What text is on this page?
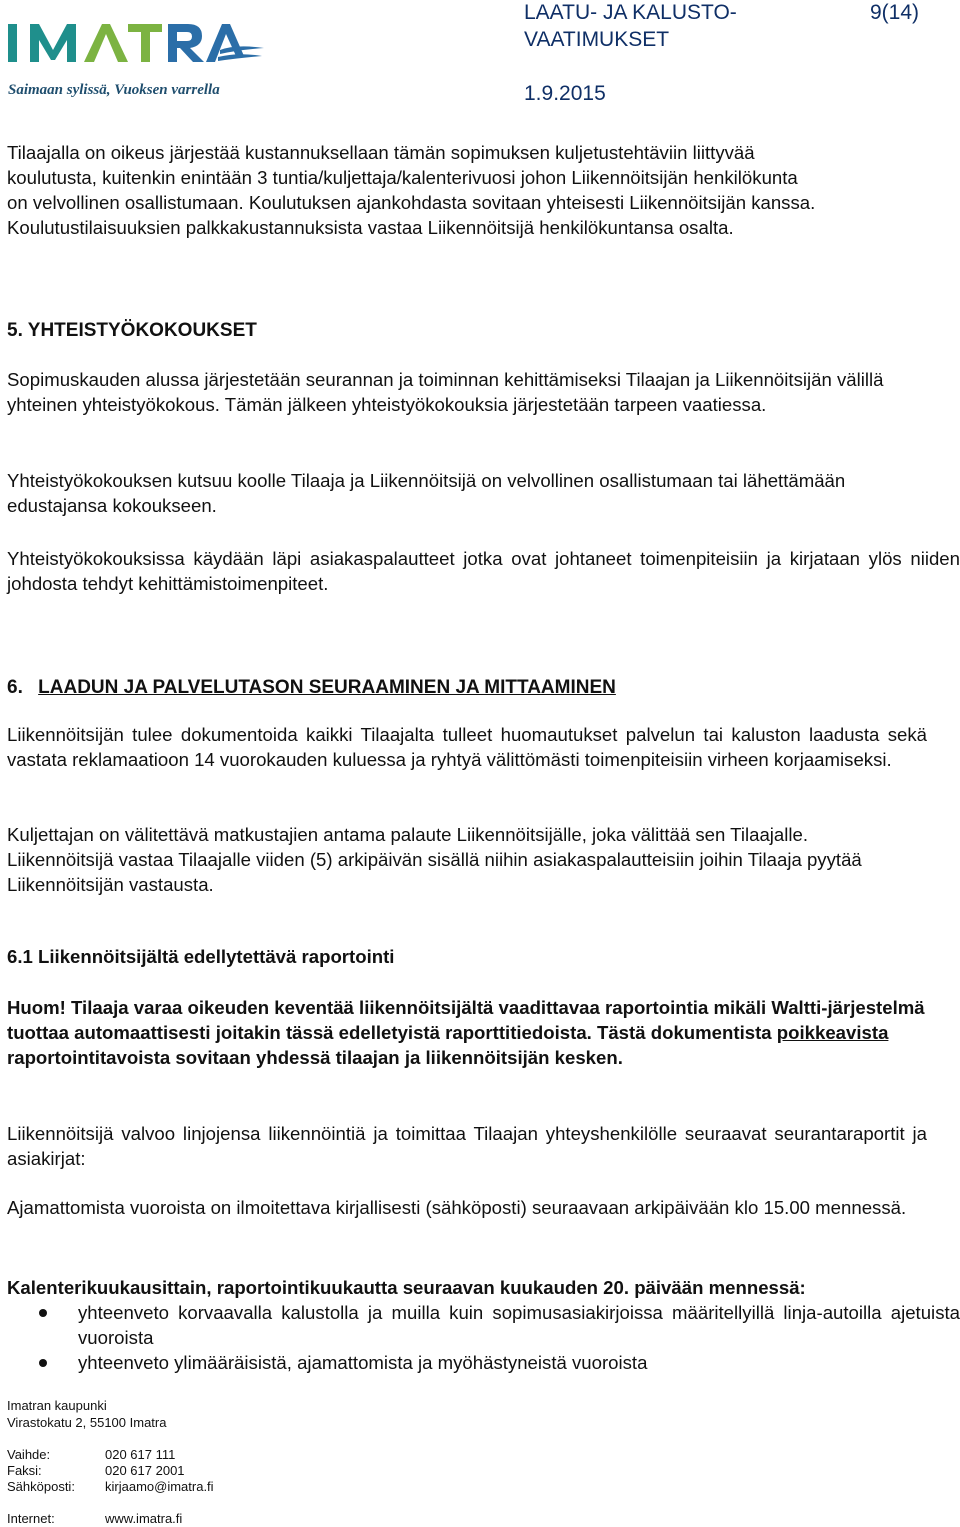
Saimaan sylissä, Vuoksen varrella
LAATU- JA KALUSTO-
VAATIMUKSET
1.9.2015
9(14)
Tilaajalla on oikeus järjestää kustannuksellaan tämän sopimuksen kuljetustehtäviin liittyvää
koulutusta, kuitenkin enintään 3 tuntia/kuljettaja/kalenterivuosi johon Liikennöitsijän henkilökunta
on velvollinen osallistumaan. Koulutuksen ajankohdasta sovitaan yhteisesti Liikennöitsijän kanssa.
Koulutustilaisuuksien palkkakustannuksista vastaa Liikennöitsijä henkilökuntansa osalta.
5. YHTEISTYÖKOKOUKSET
Sopimuskauden alussa järjestetään seurannan ja toiminnan kehittämiseksi Tilaajan ja Liikennöitsijän välillä yhteinen yhteistyökokous. Tämän jälkeen yhteistyökokouksia järjestetään tarpeen vaatiessa.
Yhteistyökokouksen kutsuu koolle Tilaaja ja Liikennöitsijä on velvollinen osallistumaan tai lähettämään edustajansa kokoukseen.
Yhteistyökokouksissa käydään läpi asiakaspalautteet jotka ovat johtaneet toimenpiteisiin ja kirjataan ylös niiden johdosta tehdyt kehittämistoimenpiteet.
6. LAADUN JA PALVELUTASON SEURAAMINEN JA MITTAAMINEN
Liikennöitsijän tulee dokumentoida kaikki Tilaajalta tulleet huomautukset palvelun tai kaluston laadusta sekä vastata reklamaatioon 14 vuorokauden kuluessa ja ryhtyä välittömästi toimenpiteisiin virheen korjaamiseksi.
Kuljettajan on välitettävä matkustajien antama palaute Liikennöitsijälle, joka välittää sen Tilaajalle.
Liikennöitsijä vastaa Tilaajalle viiden (5) arkipäivän sisällä niihin asiakaspalautteisiin joihin Tilaaja pyytää Liikennöitsijän vastausta.
6.1 Liikennöitsijältä edellytettävä raportointi
Huom! Tilaaja varaa oikeuden keventää liikennöitsijältä vaadittavaa raportointia mikäli Waltti-järjestelmä tuottaa automaattisesti joitakin tässä edelletyistä raporttitiedoista. Tästä dokumentista poikkeavista raportointitavoista sovitaan yhdessä tilaajan ja liikennöitsijän kesken.
Liikennöitsijä valvoo linjojensa liikennöintiä ja toimittaa Tilaajan yhteyshenkilölle seuraavat seurantaraportit ja asiakirjat:
Ajamattomista vuoroista on ilmoitettava kirjallisesti (sähköposti) seuraavaan arkipäivään klo 15.00 mennessä.
Kalenterikuukausittain, raportointikuukautta seuraavan kuukauden 20. päivään mennessä:
yhteenveto korvaavalla kalustolla ja muilla kuin sopimusasiakirjoissa määritellyillä linja-autoilla ajetuista vuoroista
yhteenveto ylimääräisistä, ajamattomista ja myöhästyneistä vuoroista
Imatran kaupunki
Virastokatu 2, 55100 Imatra
Vaihde:	020 617 111
Faksi:	020 617 2001
Sähköposti: kirjaamo@imatra.fi
Internet:	www.imatra.fi
